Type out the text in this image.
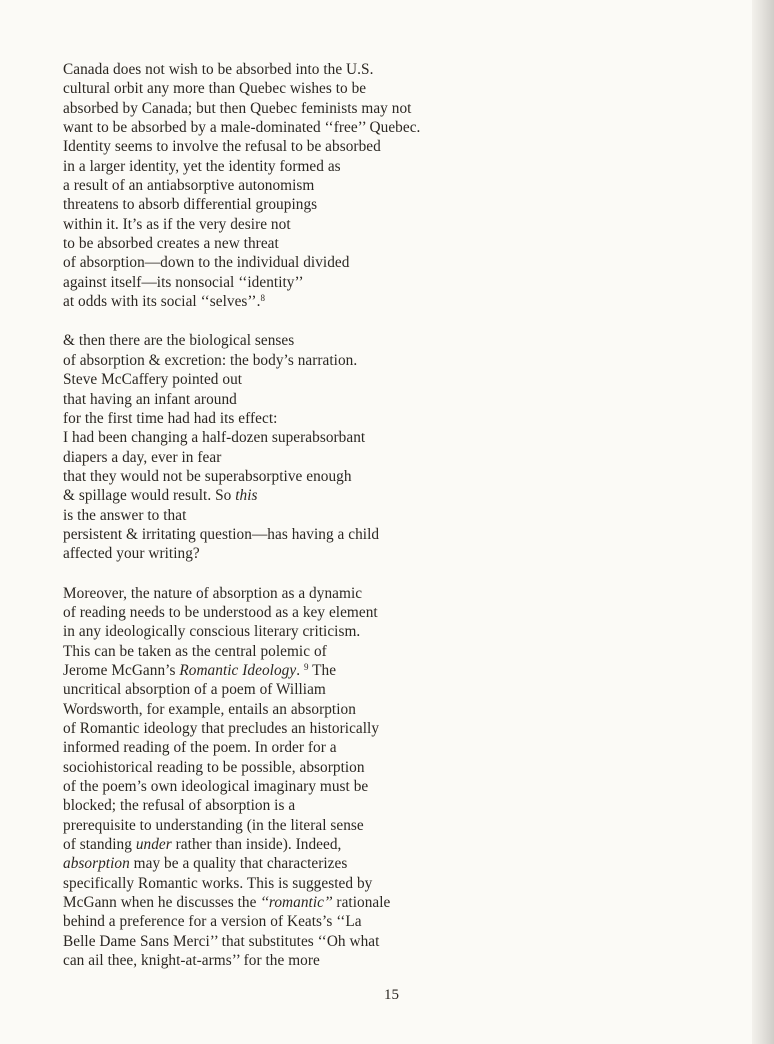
Canada does not wish to be absorbed into the U.S.
cultural orbit any more than Quebec wishes to be
absorbed by Canada; but then Quebec feminists may not
want to be absorbed by a male-dominated ‘‘free’’ Quebec.
Identity seems to involve the refusal to be absorbed
in a larger identity, yet the identity formed as
a result of an antiabsorptive autonomism
threatens to absorb differential groupings
within it. It’s as if the very desire not
to be absorbed creates a new threat
of absorption—down to the individual divided
against itself—its nonsocial ‘‘identity’’
at odds with its social ‘‘selves’’.$^8$
& then there are the biological senses
of absorption & excretion: the body’s narration.
Steve McCaffery pointed out
that having an infant around
for the first time had had its effect:
I had been changing a half-dozen superabsorbant
diapers a day, ever in fear
that they would not be superabsorptive enough
& spillage would result. So this
is the answer to that
persistent & irritating question—has having a child
affected your writing?
Moreover, the nature of absorption as a dynamic
of reading needs to be understood as a key element
in any ideologically conscious literary criticism.
This can be taken as the central polemic of
Jerome McGann’s Romantic Ideology. $^9$ The
uncritical absorption of a poem of William
Wordsworth, for example, entails an absorption
of Romantic ideology that precludes an historically
informed reading of the poem. In order for a
sociohistorical reading to be possible, absorption
of the poem’s own ideological imaginary must be
blocked; the refusal of absorption is a
prerequisite to understanding (in the literal sense
of standing under rather than inside). Indeed,
absorption may be a quality that characterizes
specifically Romantic works. This is suggested by
McGann when he discusses the ‘‘romantic’’ rationale
behind a preference for a version of Keats’s ‘‘La
Belle Dame Sans Merci’’ that substitutes ‘‘Oh what
can ail thee, knight-at-arms’’ for the more
15
